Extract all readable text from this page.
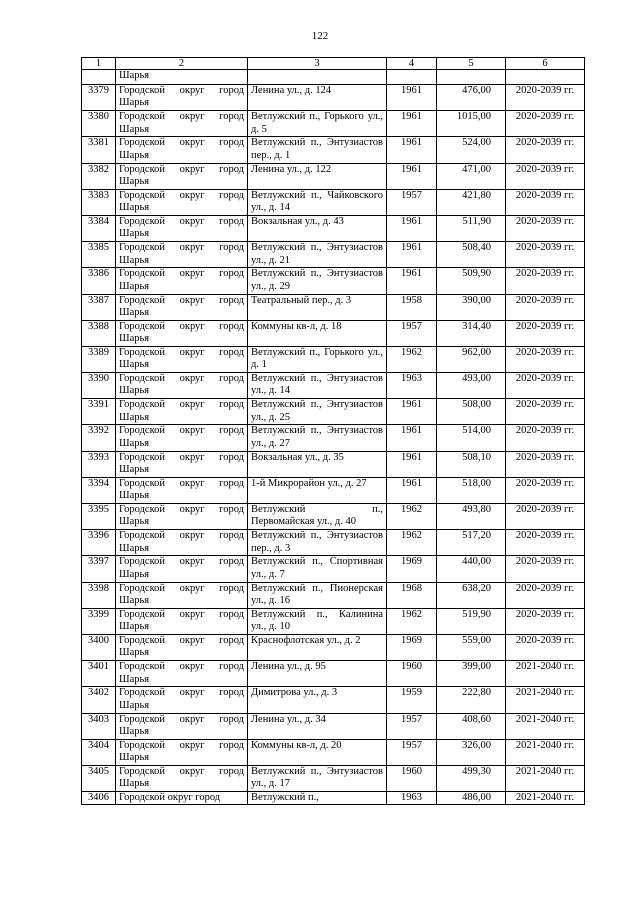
122
1	2	3	4	5	6
	Шарья				
3379	Городской округ город Шарья	Ленина ул., д. 124	1961	476,00	2020-2039 гг.
3380	Городской округ город Шарья	Ветлужский п., Горького ул., д. 5	1961	1015,00	2020-2039 гг.
3381	Городской округ город Шарья	Ветлужский п., Энтузиастов пер., д. 1	1961	524,00	2020-2039 гг.
3382	Городской округ город Шарья	Ленина ул., д. 122	1961	471,00	2020-2039 гг.
3383	Городской округ город Шарья	Ветлужский п., Чайковского ул., д. 14	1957	421,80	2020-2039 гг.
3384	Городской округ город Шарья	Вокзальная ул., д. 43	1961	511,90	2020-2039 гг.
3385	Городской округ город Шарья	Ветлужский п., Энтузиастов ул., д. 21	1961	508,40	2020-2039 гг.
3386	Городской округ город Шарья	Ветлужский п., Энтузиастов ул., д. 29	1961	509,90	2020-2039 гг.
3387	Городской округ город Шарья	Театральный пер., д. 3	1958	390,00	2020-2039 гг.
3388	Городской округ город Шарья	Коммуны кв-л, д. 18	1957	314,40	2020-2039 гг.
3389	Городской округ город Шарья	Ветлужский п., Горького ул., д. 1	1962	962,00	2020-2039 гг.
3390	Городской округ город Шарья	Ветлужский п., Энтузиастов ул., д. 14	1963	493,00	2020-2039 гг.
3391	Городской округ город Шарья	Ветлужский п., Энтузиастов ул., д. 25	1961	508,00	2020-2039 гг.
3392	Городской округ город Шарья	Ветлужский п., Энтузиастов ул., д. 27	1961	514,00	2020-2039 гг.
3393	Городской округ город Шарья	Вокзальная ул., д. 35	1961	508,10	2020-2039 гг.
3394	Городской округ город Шарья	1-й Микрорайон ул., д. 27	1961	518,00	2020-2039 гг.
3395	Городской округ город Шарья	Ветлужский п., Первомайская ул., д. 40	1962	493,80	2020-2039 гг.
3396	Городской округ город Шарья	Ветлужский п., Энтузиастов пер., д. 3	1962	517,20	2020-2039 гг.
3397	Городской округ город Шарья	Ветлужский п., Спортивная ул., д. 7	1969	440,00	2020-2039 гг.
3398	Городской округ город Шарья	Ветлужский п., Пионерская ул., д. 16	1968	638,20	2020-2039 гг.
3399	Городской округ город Шарья	Ветлужский п., Калинина ул., д. 10	1962	519,90	2020-2039 гг.
3400	Городской округ город Шарья	Краснофлотская ул., д. 2	1969	559,00	2020-2039 гг.
3401	Городской округ город Шарья	Ленина ул., д. 95	1960	399,00	2021-2040 гг.
3402	Городской округ город Шарья	Димитрова ул., д. 3	1959	222,80	2021-2040 гг.
3403	Городской округ город Шарья	Ленина ул., д. 34	1957	408,60	2021-2040 гг.
3404	Городской округ город Шарья	Коммуны кв-л, д. 20	1957	326,00	2021-2040 гг.
3405	Городской округ город Шарья	Ветлужский п., Энтузиастов ул., д. 17	1960	499,30	2021-2040 гг.
3406	Городской округ город	Ветлужский п.,	1963	486,00	2021-2040 гг.
